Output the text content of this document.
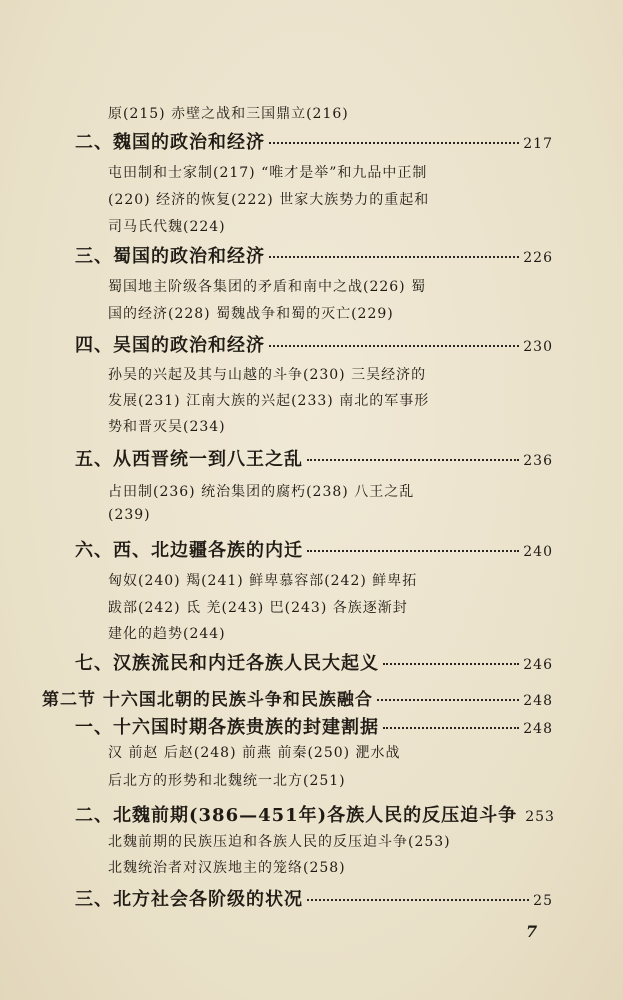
原(215) 赤壁之战和三国鼎立(216)
二、魏国的政治和经济	217
屯田制和士家制(217) “唯才是举”和九品中正制
(220) 经济的恢复(222) 世家大族势力的重起和
司马氏代魏(224)
三、蜀国的政治和经济	226
蜀国地主阶级各集团的矛盾和南中之战(226) 蜀
国的经济(228) 蜀魏战争和蜀的灭亡(229)
四、吴国的政治和经济	230
孙吴的兴起及其与山越的斗争(230) 三吴经济的
发展(231) 江南大族的兴起(233) 南北的军事形
势和晋灭吴(234)
五、从西晋统一到八王之乱	236
占田制(236) 统治集团的腐朽(238) 八王之乱
(239)
六、西、北边疆各族的内迁	240
匈奴(240) 羯(241) 鲜卑慕容部(242) 鲜卑拓
跋部(242) 氐 羌(243) 巴(243) 各族逐渐封
建化的趋势(244)
七、汉族流民和内迁各族人民大起义	246
第二节 十六国北朝的民族斗争和民族融合	248
一、十六国时期各族贵族的封建割据	248
汉 前赵 后赵(248) 前燕 前秦(250) 淝水战
后北方的形势和北魏统一北方(251)
二、北魏前期(386—451年)各族人民的反压迫斗争 253
北魏前期的民族压迫和各族人民的反压迫斗争(253)
北魏统治者对汉族地主的笼络(258)
三、北方社会各阶级的状况	25
7
